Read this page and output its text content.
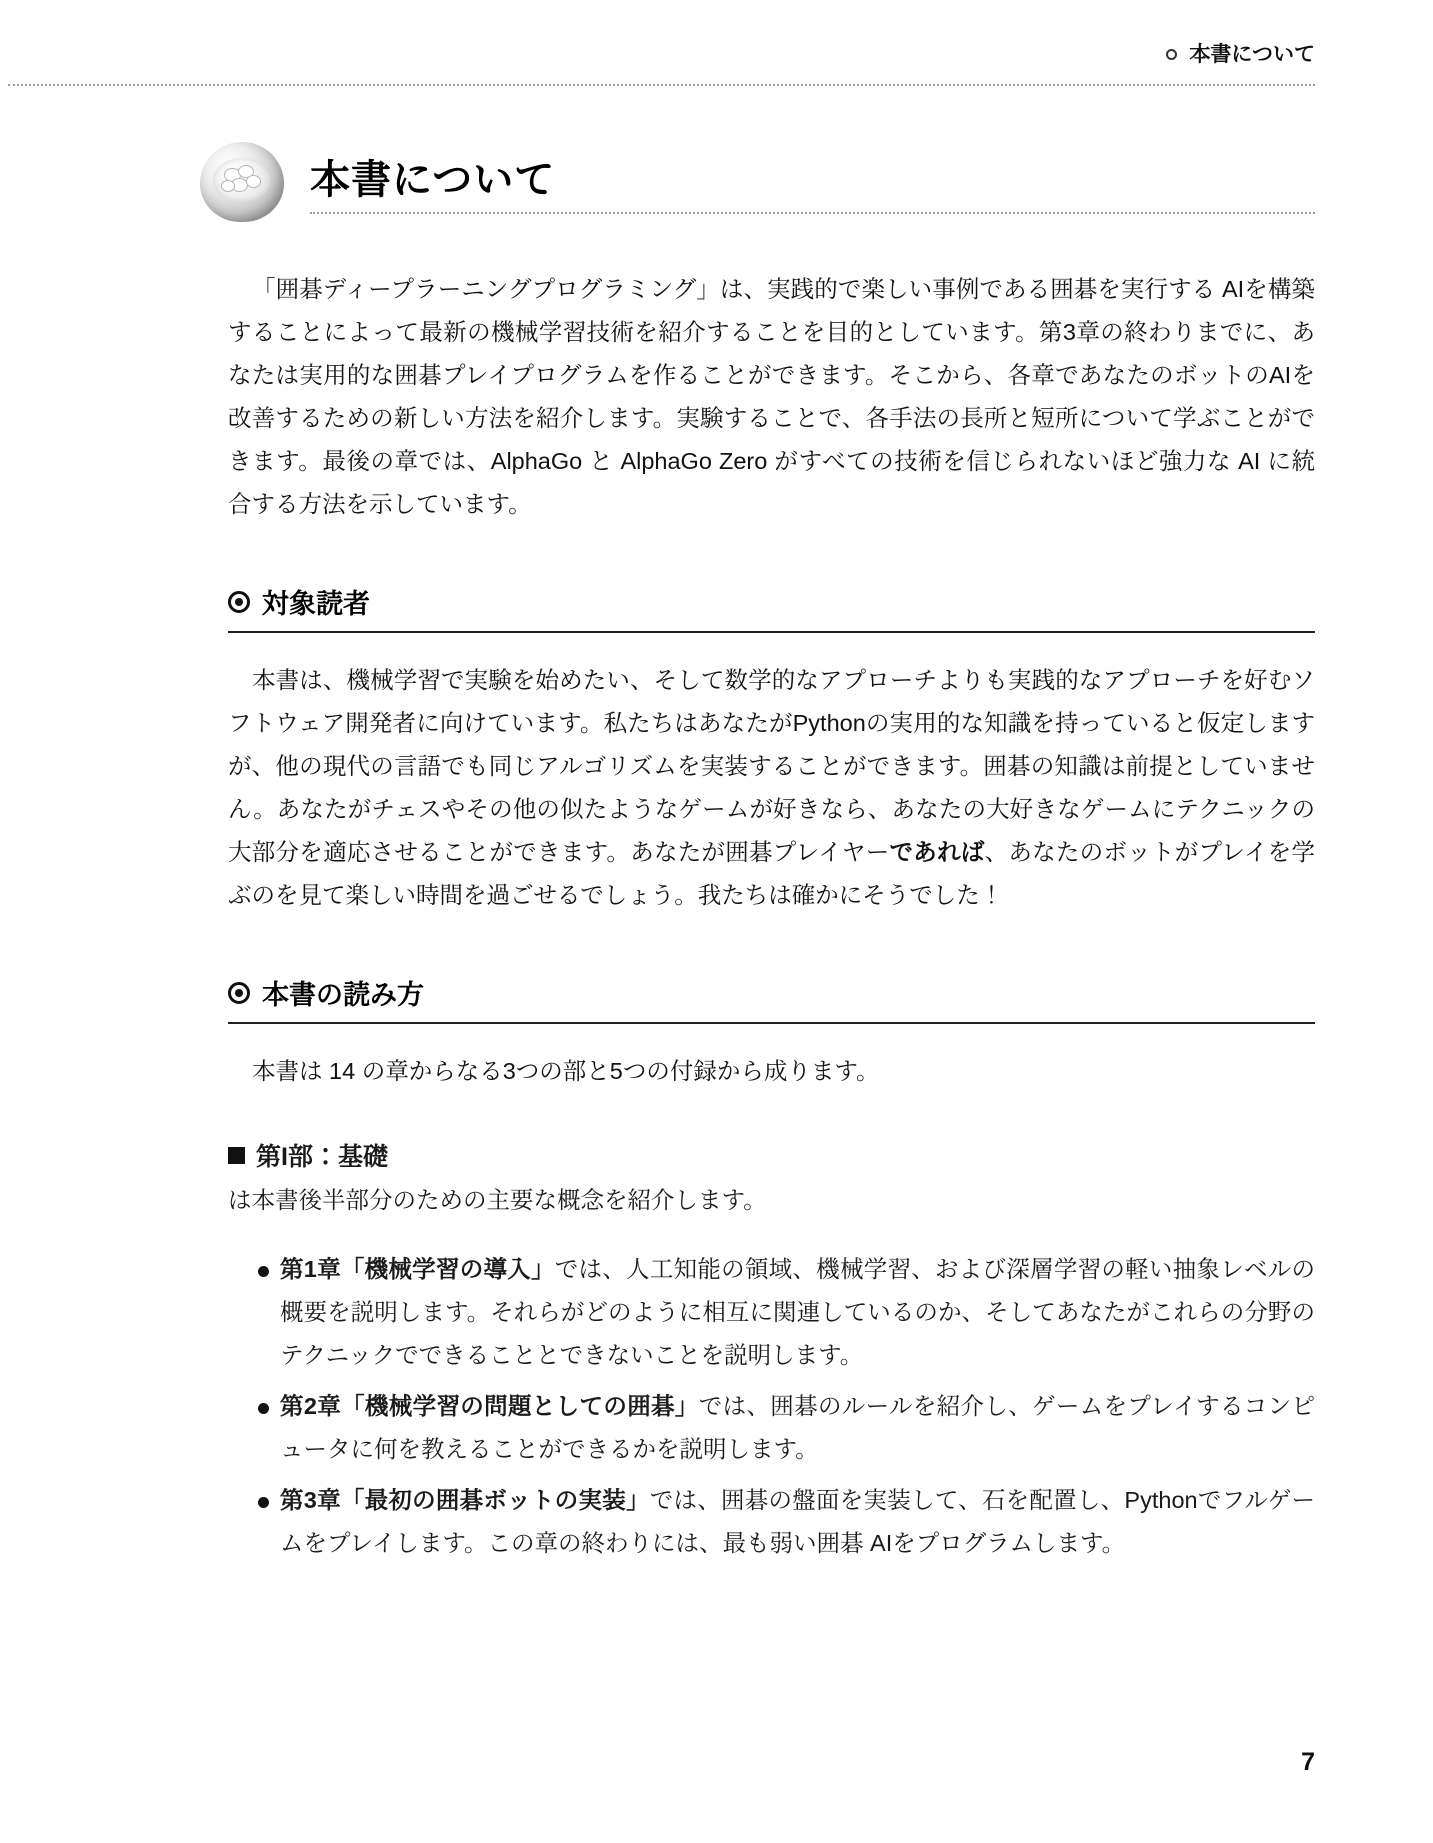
本書について
本書について

「囲碁ディープラーニングプログラミング」は、実践的で楽しい事例である囲碁を実行する AIを構築することによって最新の機械学習技術を紹介することを目的としています。第3章の終わりまでに、あなたは実用的な囲碁プレイプログラムを作ることができます。そこから、各章であなたのボットのAIを改善するための新しい方法を紹介します。実験することで、各手法の長所と短所について学ぶことができます。最後の章では、AlphaGo と AlphaGo Zero がすべての技術を信じられないほど強力な AI に統合する方法を示しています。

対象読者

本書は、機械学習で実験を始めたい、そして数学的なアプローチよりも実践的なアプローチを好むソフトウェア開発者に向けています。私たちはあなたがPythonの実用的な知識を持っていると仮定しますが、他の現代の言語でも同じアルゴリズムを実装することができます。囲碁の知識は前提としていません。あなたがチェスやその他の似たようなゲームが好きなら、あなたの大好きなゲームにテクニックの大部分を適応させることができます。あなたが囲碁プレイヤーであれば、あなたのボットがプレイを学ぶのを見て楽しい時間を過ごせるでしょう。我たちは確かにそうでした！

本書の読み方

本書は 14 の章からなる3つの部と5つの付録から成ります。

第I部：基礎

は本書後半部分のための主要な概念を紹介します。

第1章「機械学習の導入」では、人工知能の領域、機械学習、および深層学習の軽い抽象レベルの概要を説明します。それらがどのように相互に関連しているのか、そしてあなたがこれらの分野のテクニックでできることとできないことを説明します。
第2章「機械学習の問題としての囲碁」では、囲碁のルールを紹介し、ゲームをプレイするコンピュータに何を教えることができるかを説明します。
第3章「最初の囲碁ボットの実装」では、囲碁の盤面を実装して、石を配置し、Pythonでフルゲームをプレイします。この章の終わりには、最も弱い囲碁 AIをプログラムします。
7
